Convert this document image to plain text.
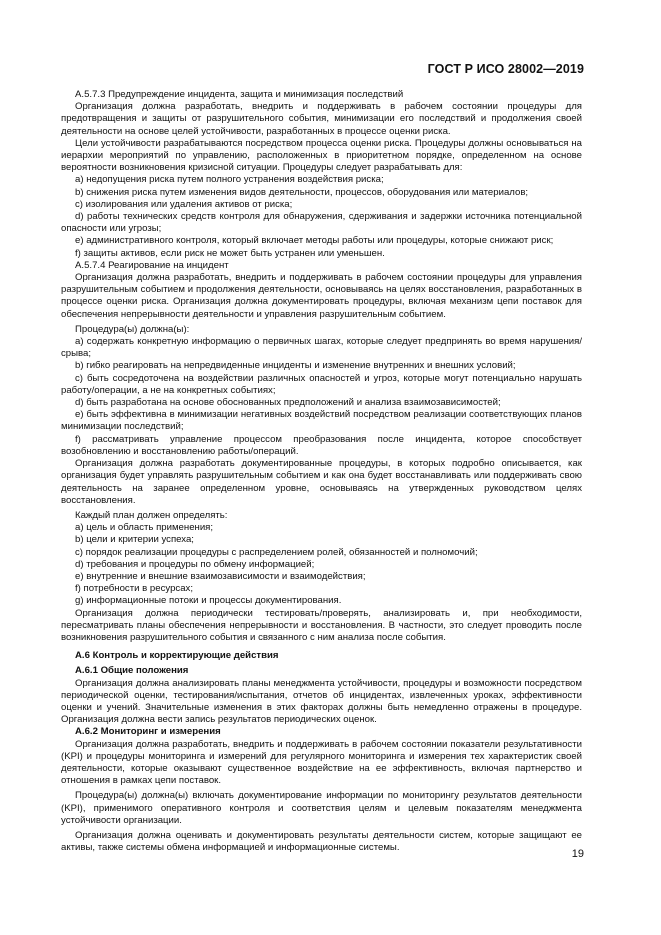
ГОСТ Р ИСО 28002—2019

А.5.7.3 Предупреждение инцидента, защита и минимизация последствий

Организация должна разработать, внедрить и поддерживать в рабочем состоянии процедуры для предотвращения и защиты от разрушительного события, минимизации его последствий и продолжения своей деятельности на основе целей устойчивости, разработанных в процессе оценки риска.

Цели устойчивости разрабатываются посредством процесса оценки риска. Процедуры должны основываться на иерархии мероприятий по управлению, расположенных в приоритетном порядке, определенном на основе вероятности возникновения кризисной ситуации. Процедуры следует разрабатывать для:

a) недопущения риска путем полного устранения воздействия риска;

b) снижения риска путем изменения видов деятельности, процессов, оборудования или материалов;

c) изолирования или удаления активов от риска;

d) работы технических средств контроля для обнаружения, сдерживания и задержки источника потенциальной опасности или угрозы;

e) административного контроля, который включает методы работы или процедуры, которые снижают риск;

f) защиты активов, если риск не может быть устранен или уменьшен.

А.5.7.4 Реагирование на инцидент

Организация должна разработать, внедрить и поддерживать в рабочем состоянии процедуры для управления разрушительным событием и продолжения деятельности, основываясь на целях восстановления, разработанных в процессе оценки риска. Организация должна документировать процедуры, включая механизм цепи поставок для обеспечения непрерывности деятельности и управления разрушительным событием.

Процедура(ы) должна(ы):

a) содержать конкретную информацию о первичных шагах, которые следует предпринять во время нарушения/срыва;

b) гибко реагировать на непредвиденные инциденты и изменение внутренних и внешних условий;

c) быть сосредоточена на воздействии различных опасностей и угроз, которые могут потенциально нарушать работу/операции, а не на конкретных событиях;

d) быть разработана на основе обоснованных предположений и анализа взаимозависимостей;

e) быть эффективна в минимизации негативных воздействий посредством реализации соответствующих планов минимизации последствий;

f) рассматривать управление процессом преобразования после инцидента, которое способствует возобновлению и восстановлению работы/операций.

Организация должна разработать документированные процедуры, в которых подробно описывается, как организация будет управлять разрушительным событием и как она будет восстанавливать или поддерживать свою деятельность на заранее определенном уровне, основываясь на утвержденных руководством целях восстановления.

Каждый план должен определять:

a) цель и область применения;

b) цели и критерии успеха;

c) порядок реализации процедуры с распределением ролей, обязанностей и полномочий;

d) требования и процедуры по обмену информацией;

e) внутренние и внешние взаимозависимости и взаимодействия;

f) потребности в ресурсах;

g) информационные потоки и процессы документирования.

Организация должна периодически тестировать/проверять, анализировать и, при необходимости, пересматривать планы обеспечения непрерывности и восстановления. В частности, это следует проводить после возникновения разрушительного события и связанного с ним анализа после события.

А.6 Контроль и корректирующие действия

А.6.1 Общие положения

Организация должна анализировать планы менеджмента устойчивости, процедуры и возможности посредством периодической оценки, тестирования/испытания, отчетов об инцидентах, извлеченных уроках, эффективности оценки и учений. Значительные изменения в этих факторах должны быть немедленно отражены в процедуре. Организация должна вести запись результатов периодических оценок.

А.6.2 Мониторинг и измерения

Организация должна разработать, внедрить и поддерживать в рабочем состоянии показатели результативности (KPI) и процедуры мониторинга и измерений для регулярного мониторинга и измерения тех характеристик своей деятельности, которые оказывают существенное воздействие на ее эффективность, включая партнерство и отношения в рамках цепи поставок.

Процедура(ы) должна(ы) включать документирование информации по мониторингу результатов деятельности (KPI), применимого оперативного контроля и соответствия целям и целевым показателям менеджмента устойчивости организации.

Организация должна оценивать и документировать результаты деятельности систем, которые защищают ее активы, также системы обмена информацией и информационные системы.

19
